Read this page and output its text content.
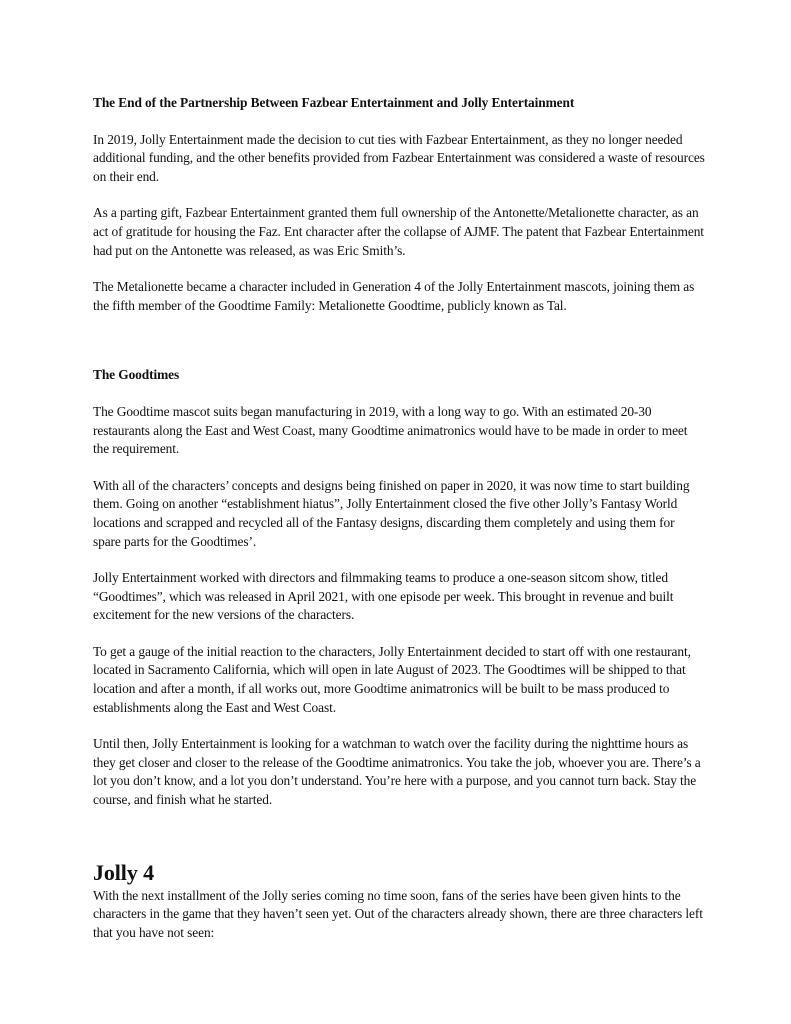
The End of the Partnership Between Fazbear Entertainment and Jolly Entertainment

In 2019, Jolly Entertainment made the decision to cut ties with Fazbear Entertainment, as they no longer needed additional funding, and the other benefits provided from Fazbear Entertainment was considered a waste of resources on their end.

As a parting gift, Fazbear Entertainment granted them full ownership of the Antonette/Metalionette character, as an act of gratitude for housing the Faz. Ent character after the collapse of AJMF. The patent that Fazbear Entertainment had put on the Antonette was released, as was Eric Smith’s.

The Metalionette became a character included in Generation 4 of the Jolly Entertainment mascots, joining them as the fifth member of the Goodtime Family: Metalionette Goodtime, publicly known as Tal.

The Goodtimes

The Goodtime mascot suits began manufacturing in 2019, with a long way to go. With an estimated 20-30 restaurants along the East and West Coast, many Goodtime animatronics would have to be made in order to meet the requirement.

With all of the characters’ concepts and designs being finished on paper in 2020, it was now time to start building them. Going on another “establishment hiatus”, Jolly Entertainment closed the five other Jolly’s Fantasy World locations and scrapped and recycled all of the Fantasy designs, discarding them completely and using them for spare parts for the Goodtimes’.

Jolly Entertainment worked with directors and filmmaking teams to produce a one-season sitcom show, titled “Goodtimes”, which was released in April 2021, with one episode per week. This brought in revenue and built excitement for the new versions of the characters.

To get a gauge of the initial reaction to the characters, Jolly Entertainment decided to start off with one restaurant, located in Sacramento California, which will open in late August of 2023. The Goodtimes will be shipped to that location and after a month, if all works out, more Goodtime animatronics will be built to be mass produced to establishments along the East and West Coast.

Until then, Jolly Entertainment is looking for a watchman to watch over the facility during the nighttime hours as they get closer and closer to the release of the Goodtime animatronics. You take the job, whoever you are. There’s a lot you don’t know, and a lot you don’t understand. You’re here with a purpose, and you cannot turn back. Stay the course, and finish what he started.

Jolly 4

With the next installment of the Jolly series coming no time soon, fans of the series have been given hints to the characters in the game that they haven’t seen yet. Out of the characters already shown, there are three characters left that you have not seen:
